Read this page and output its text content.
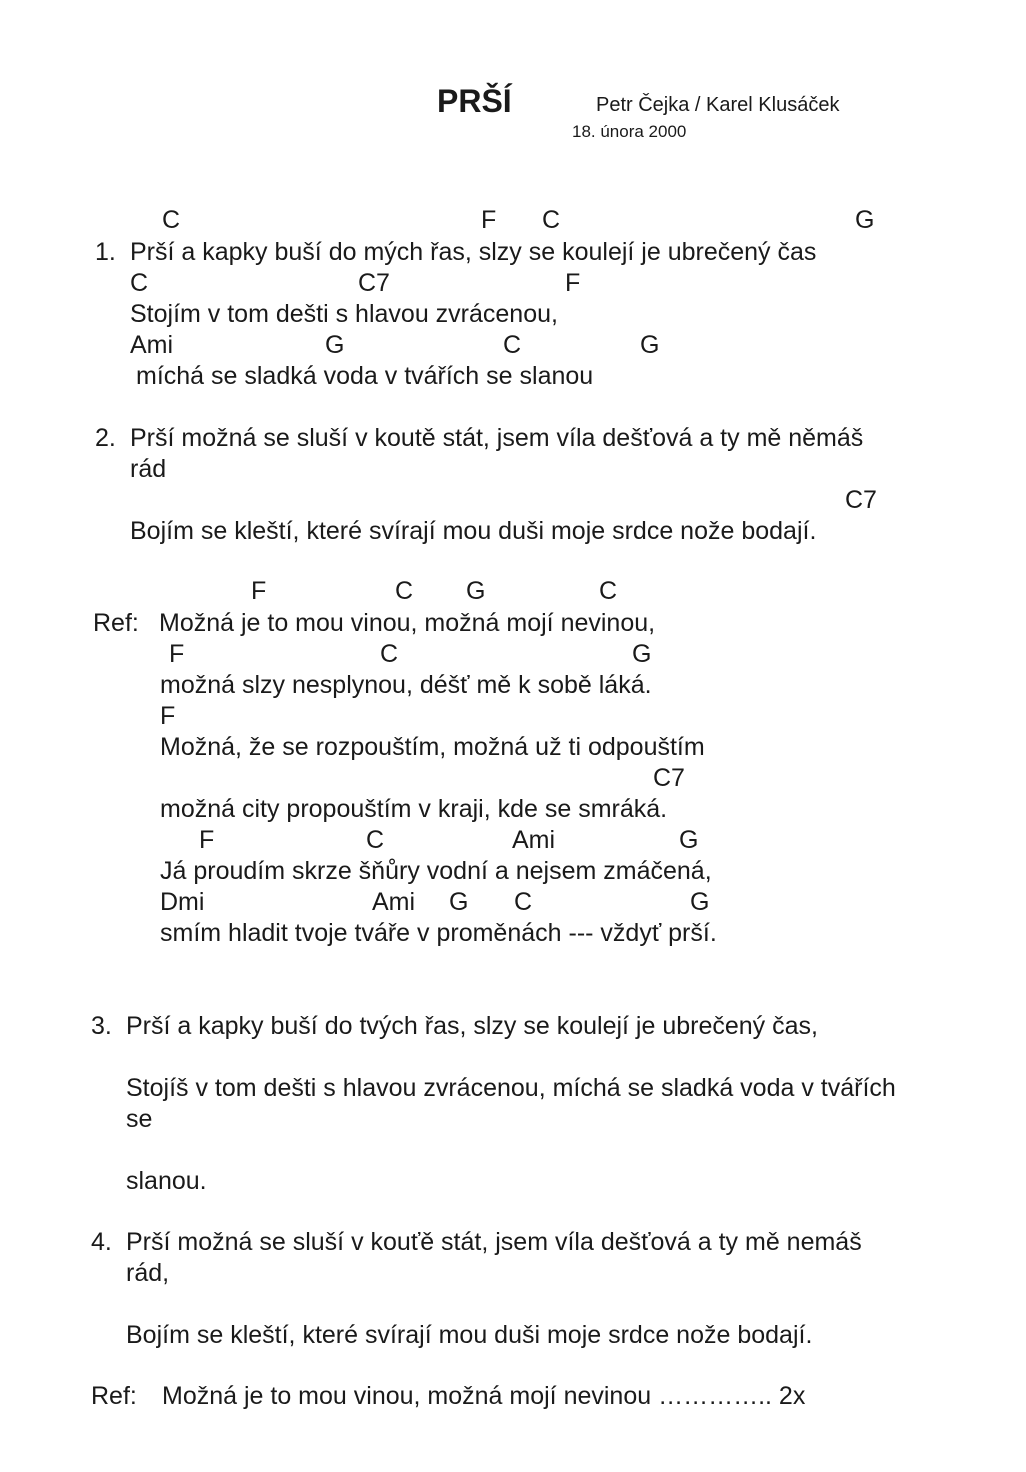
PRŠÍ	Petr Čejka / Karel Klusáček
18. února 2000
C	F C	G
1. Prší a kapky buší do mých řas, slzy se koulejí je ubrečený čas
C	C7	F
Stojím v tom dešti s hlavou zvrácenou,
Ami	G	C	G
míchá se sladká voda v tvářích se slanou
2. Prší možná se sluší v koutě stát, jsem víla dešťová a ty mě němáš
rád
C7
Bojím se kleští, které svírají mou duši moje srdce nože bodají.
F	C G	C
Ref: Možná je to mou vinou, možná mojí nevinou,
F	C	G
možná slzy nesplynou, déšť mě k sobě láká.
F
Možná, že se rozpouštím, možná už ti odpouštím
C7
možná city propouštím v kraji, kde se smráká.
F	C	Ami	G
Já proudím skrze šňůry vodní a nejsem zmáčená,
Dmi	Ami G C	G
smím hladit tvoje tváře v proměnách --- vždyť prší.
3. Prší a kapky buší do tvých řas, slzy se koulejí je ubrečený čas,
Stojíš v tom dešti s hlavou zvrácenou, míchá se sladká voda v tvářích
se
slanou.
4. Prší možná se sluší v kouťě stát, jsem víla dešťová a ty mě nemáš
rád,
Bojím se kleští, které svírají mou duši moje srdce nože bodají.
Ref: Možná je to mou vinou, možná mojí nevinou ………….. 2x
